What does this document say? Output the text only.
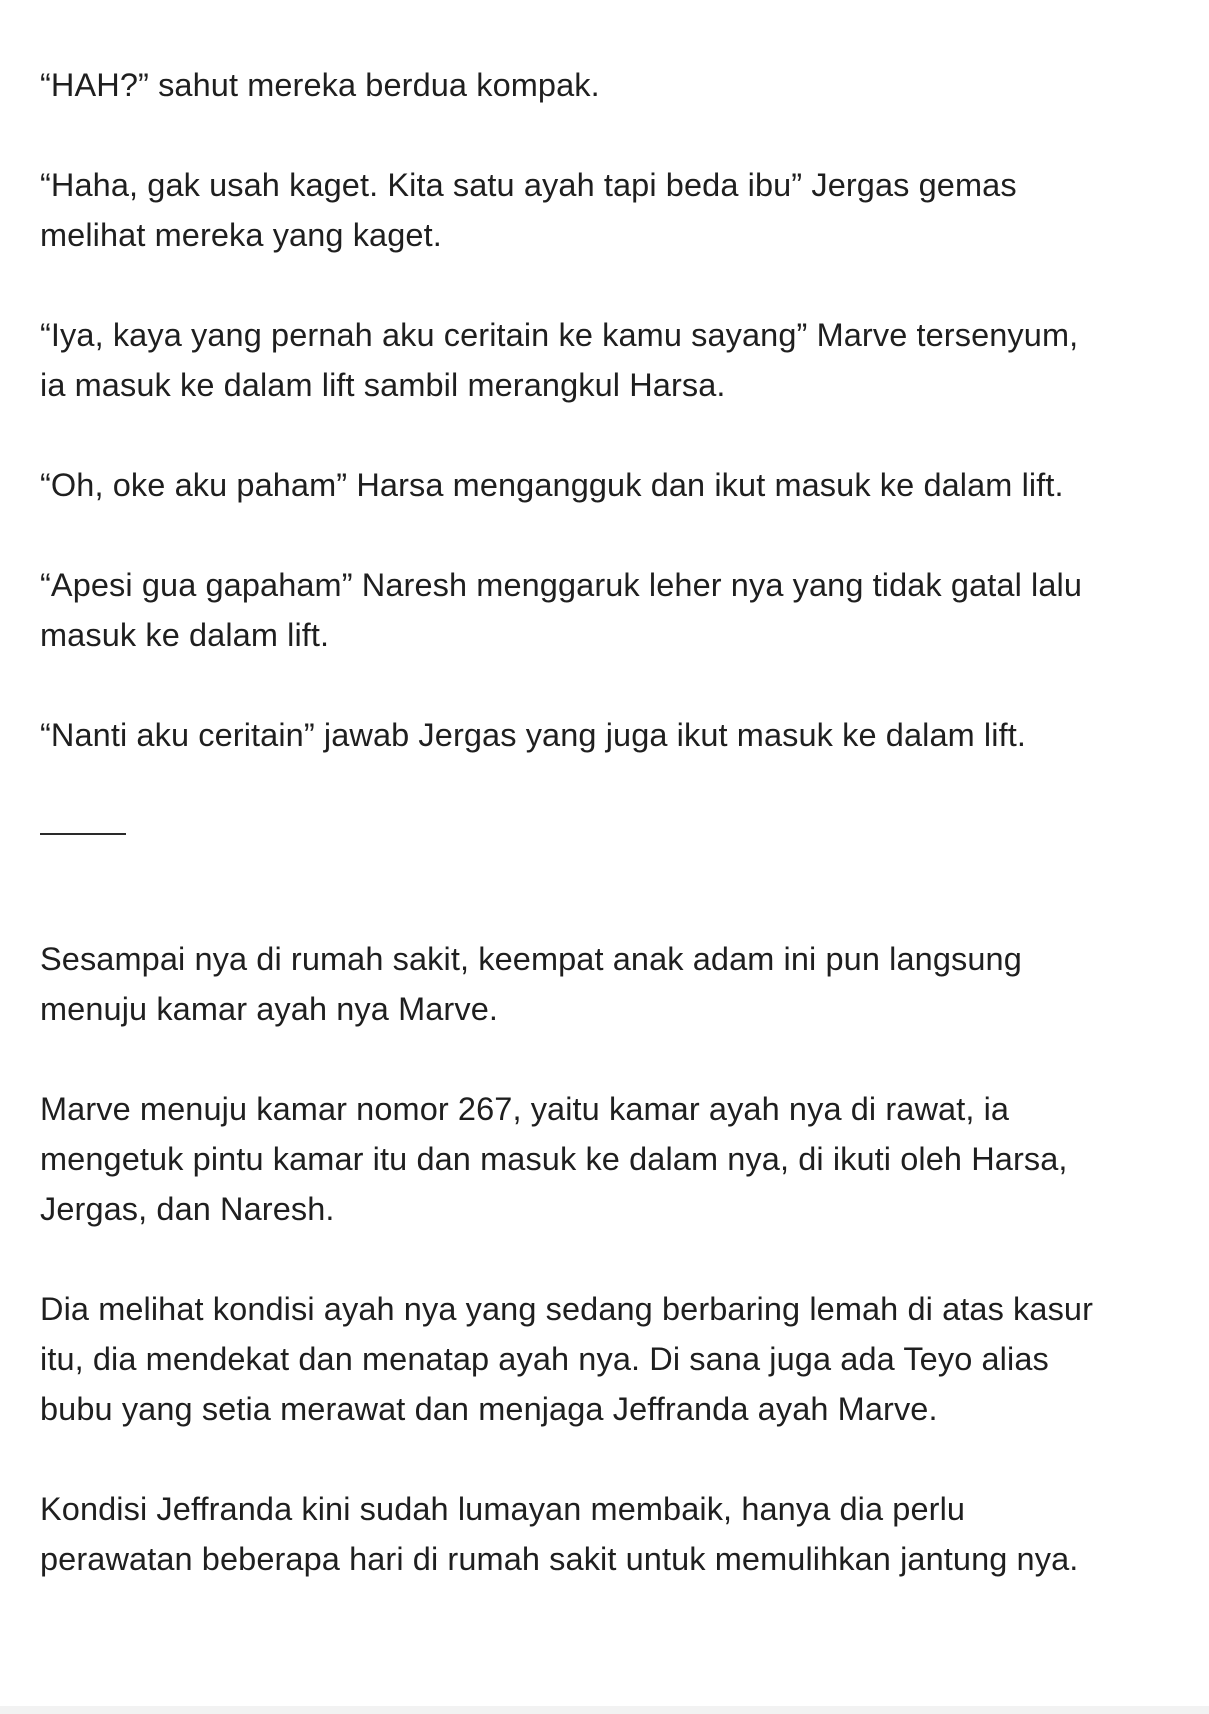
“HAH?” sahut mereka berdua kompak.

“Haha, gak usah kaget. Kita satu ayah tapi beda ibu” Jergas gemas
melihat mereka yang kaget.

“Iya, kaya yang pernah aku ceritain ke kamu sayang” Marve tersenyum,
ia masuk ke dalam lift sambil merangkul Harsa.

“Oh, oke aku paham” Harsa mengangguk dan ikut masuk ke dalam lift.

“Apesi gua gapaham” Naresh menggaruk leher nya yang tidak gatal lalu
masuk ke dalam lift.

“Nanti aku ceritain” jawab Jergas yang juga ikut masuk ke dalam lift.

Sesampai nya di rumah sakit, keempat anak adam ini pun langsung
menuju kamar ayah nya Marve.

Marve menuju kamar nomor 267, yaitu kamar ayah nya di rawat, ia
mengetuk pintu kamar itu dan masuk ke dalam nya, di ikuti oleh Harsa,
Jergas, dan Naresh.

Dia melihat kondisi ayah nya yang sedang berbaring lemah di atas kasur
itu, dia mendekat dan menatap ayah nya. Di sana juga ada Teyo alias
bubu yang setia merawat dan menjaga Jeffranda ayah Marve.

Kondisi Jeffranda kini sudah lumayan membaik, hanya dia perlu
perawatan beberapa hari di rumah sakit untuk memulihkan jantung nya.
